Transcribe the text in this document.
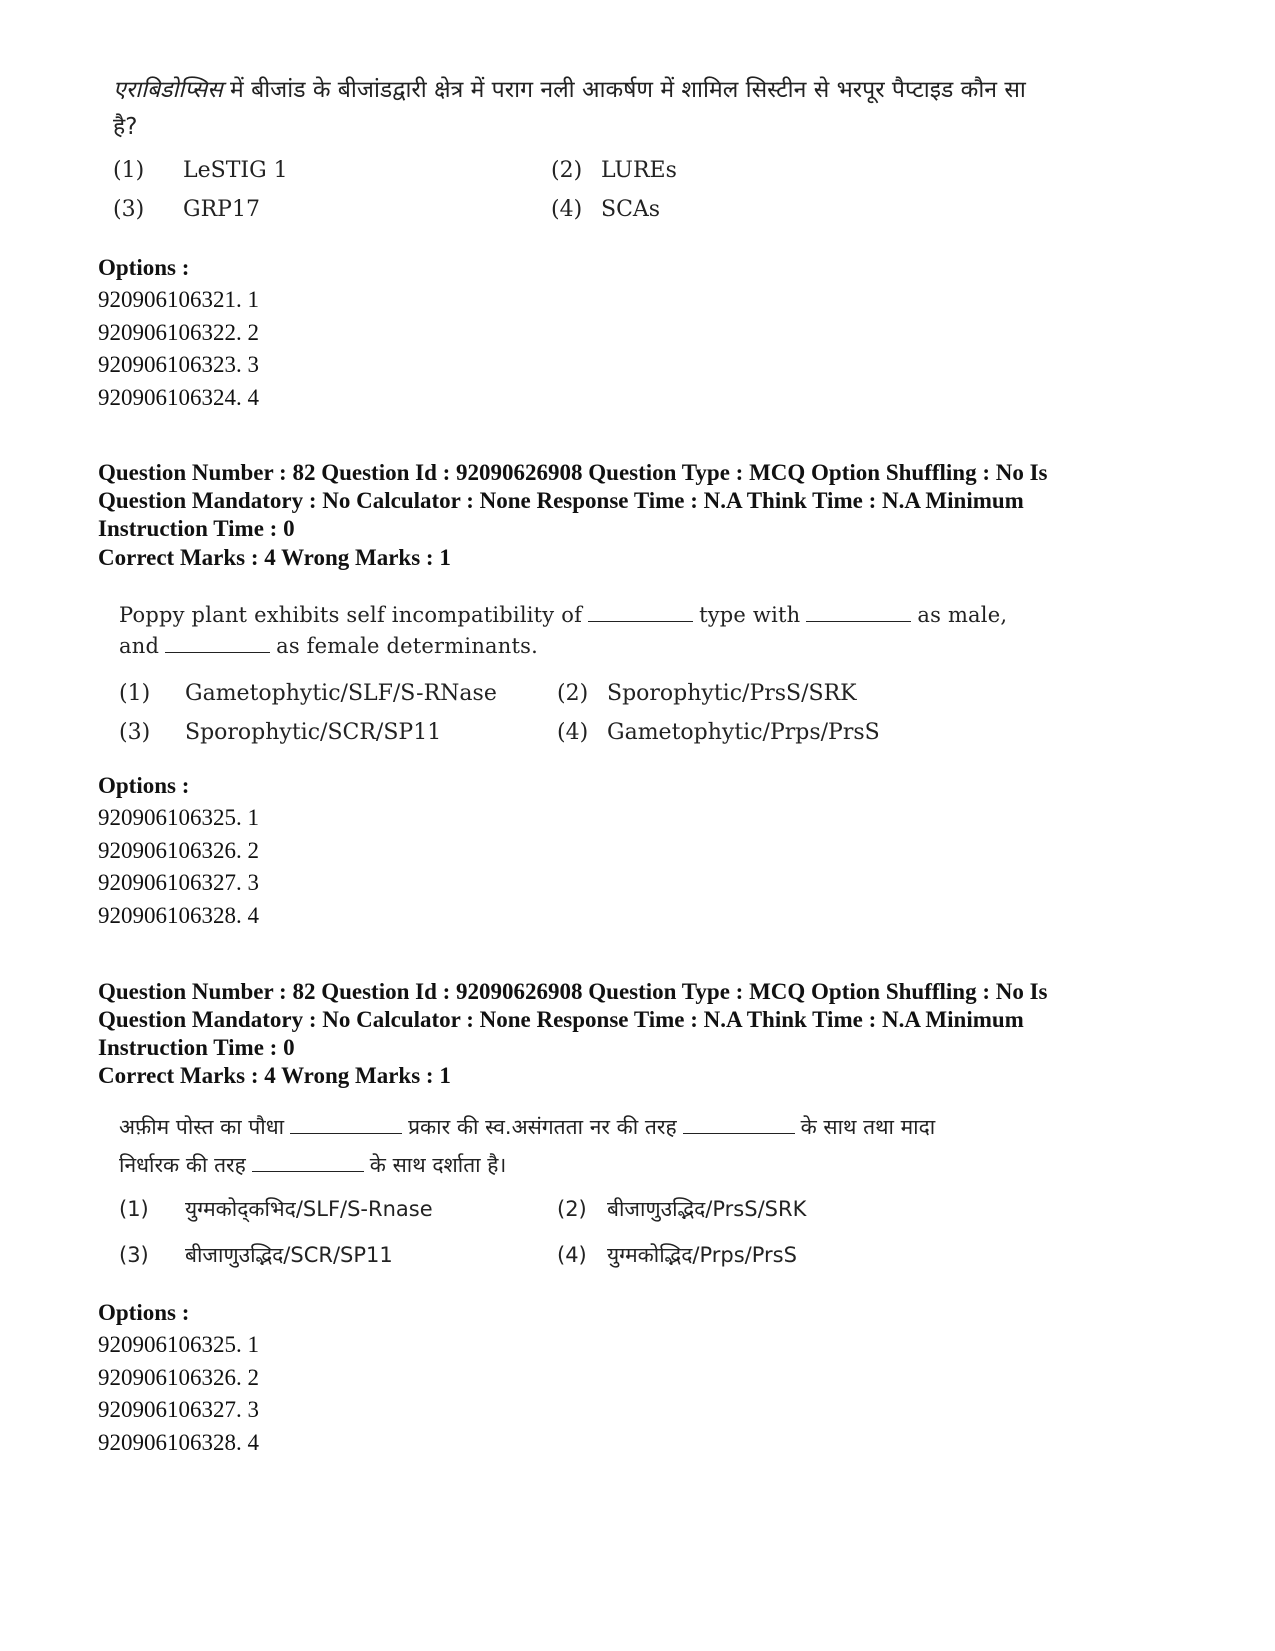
एराबिडोप्सिस में बीजांड के बीजांडद्वारी क्षेत्र में पराग नली आकर्षण में शामिल सिस्टीन से भरपूर पैप्टाइड कौन सा है?
(1) LeSTIG 1	(2) LUREs
(3) GRP17	(4) SCAs
Options :
920906106321. 1
920906106322. 2
920906106323. 3
920906106324. 4
Question Number : 82 Question Id : 92090626908 Question Type : MCQ Option Shuffling : No Is
Question Mandatory : No Calculator : None Response Time : N.A Think Time : N.A Minimum
Instruction Time : 0
Correct Marks : 4 Wrong Marks : 1
Poppy plant exhibits self incompatibility of	type with	as male,
and	as female determinants.
(1) Gametophytic/SLF/S-RNase	(2) Sporophytic/PrsS/SRK
(3) Sporophytic/SCR/SP11	(4) Gametophytic/Prps/PrsS
Options :
920906106325. 1
920906106326. 2
920906106327. 3
920906106328. 4
Question Number : 82 Question Id : 92090626908 Question Type : MCQ Option Shuffling : No Is
Question Mandatory : No Calculator : None Response Time : N.A Think Time : N.A Minimum
Instruction Time : 0
Correct Marks : 4 Wrong Marks : 1
अफ़ीम पोस्त का पौधा	प्रकार की स्व.असंगतता नर की तरह	के साथ तथा मादा
निर्धारक की तरह	के साथ दर्शाता है।
(1) युग्मकोद्कभिद/SLF/S-Rnase	(2) बीजाणुउद्भिद/PrsS/SRK
(3) बीजाणुउद्भिद/SCR/SP11	(4) युग्मकोद्भिद/Prps/PrsS
Options :
920906106325. 1
920906106326. 2
920906106327. 3
920906106328. 4
